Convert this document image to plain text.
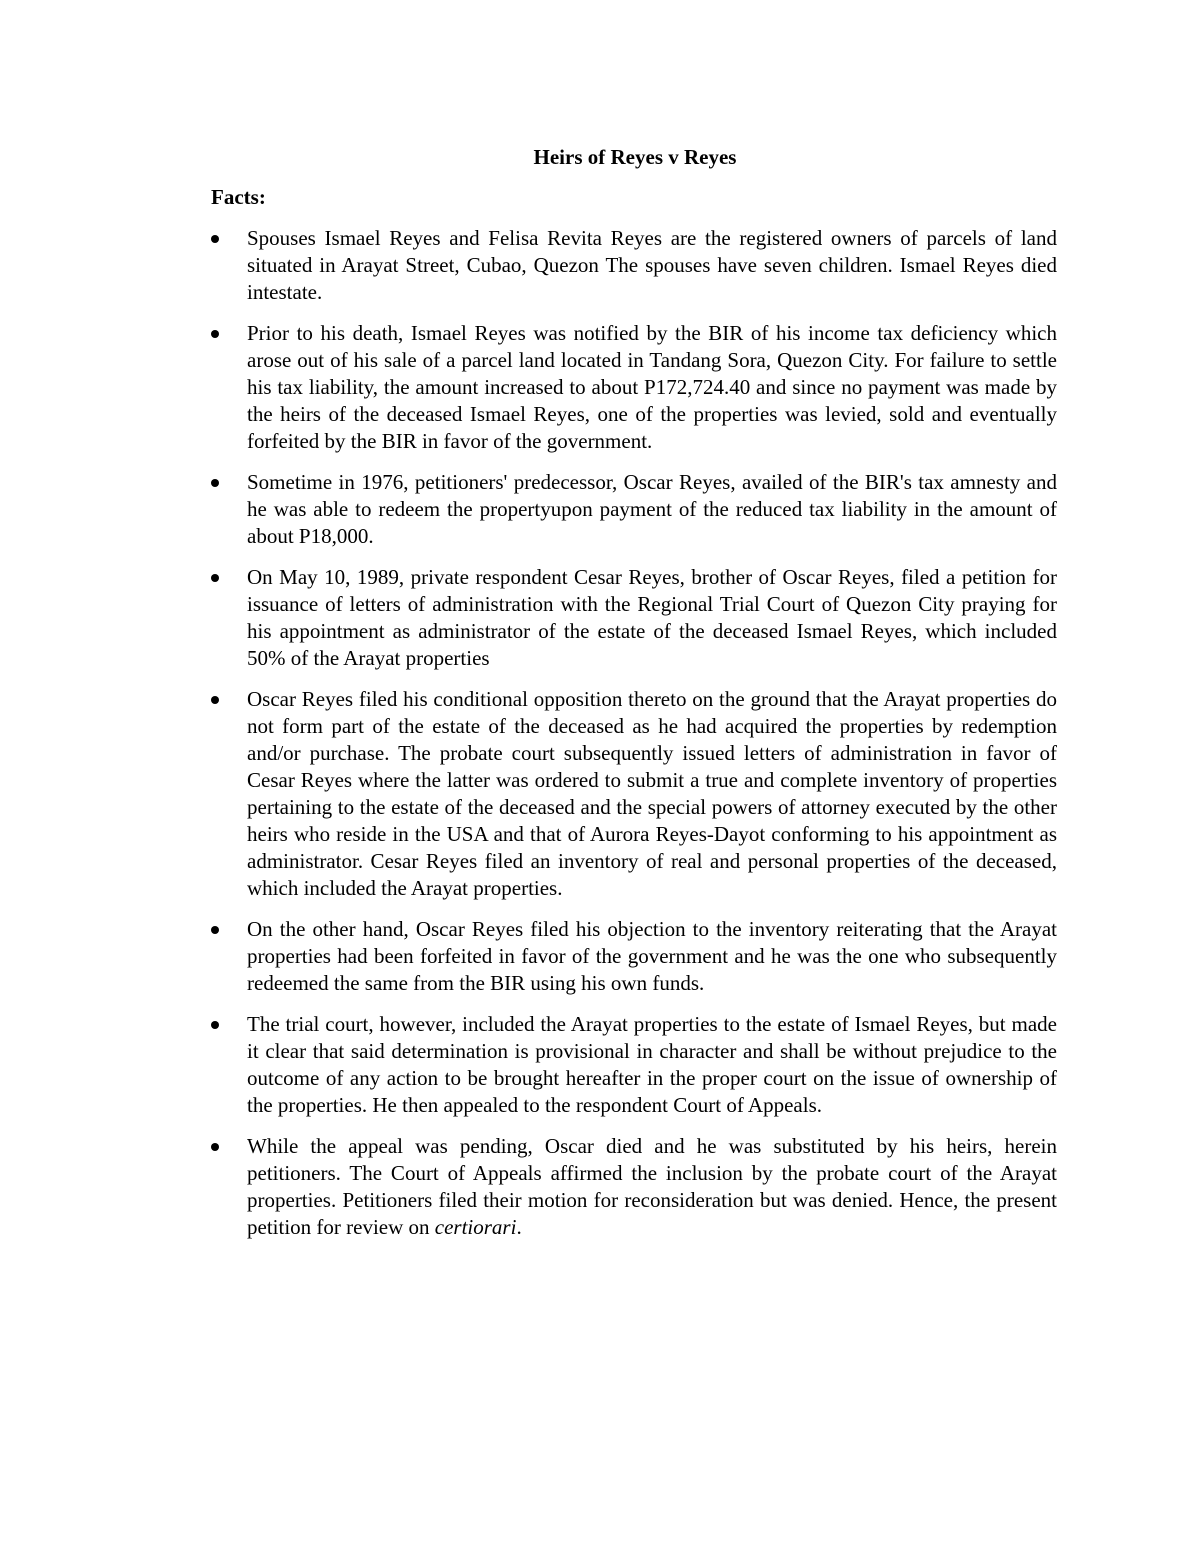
Heirs of Reyes v Reyes
Facts:
Spouses Ismael Reyes and Felisa Revita Reyes are the registered owners of parcels of land situated in Arayat Street, Cubao, Quezon The spouses have seven children. Ismael Reyes died intestate.
Prior to his death, Ismael Reyes was notified by the BIR of his income tax deficiency which arose out of his sale of a parcel land located in Tandang Sora, Quezon City. For failure to settle his tax liability, the amount increased to about P172,724.40 and since no payment was made by the heirs of the deceased Ismael Reyes, one of the properties was levied, sold and eventually forfeited by the BIR in favor of the government.
Sometime in 1976, petitioners' predecessor, Oscar Reyes, availed of the BIR's tax amnesty and he was able to redeem the propertyupon payment of the reduced tax liability in the amount of about P18,000.
On May 10, 1989, private respondent Cesar Reyes, brother of Oscar Reyes, filed a petition for issuance of letters of administration with the Regional Trial Court of Quezon City praying for his appointment as administrator of the estate of the deceased Ismael Reyes, which included 50% of the Arayat properties
Oscar Reyes filed his conditional opposition thereto on the ground that the Arayat properties do not form part of the estate of the deceased as he had acquired the properties by redemption and/or purchase. The probate court subsequently issued letters of administration in favor of Cesar Reyes where the latter was ordered to submit a true and complete inventory of properties pertaining to the estate of the deceased and the special powers of attorney executed by the other heirs who reside in the USA and that of Aurora Reyes-Dayot conforming to his appointment as administrator. Cesar Reyes filed an inventory of real and personal properties of the deceased, which included the Arayat properties.
On the other hand, Oscar Reyes filed his objection to the inventory reiterating that the Arayat properties had been forfeited in favor of the government and he was the one who subsequently redeemed the same from the BIR using his own funds.
The trial court, however, included the Arayat properties to the estate of Ismael Reyes, but made it clear that said determination is provisional in character and shall be without prejudice to the outcome of any action to be brought hereafter in the proper court on the issue of ownership of the properties. He then appealed to the respondent Court of Appeals.
While the appeal was pending, Oscar died and he was substituted by his heirs, herein petitioners. The Court of Appeals affirmed the inclusion by the probate court of the Arayat properties. Petitioners filed their motion for reconsideration but was denied. Hence, the present petition for review on certiorari.
